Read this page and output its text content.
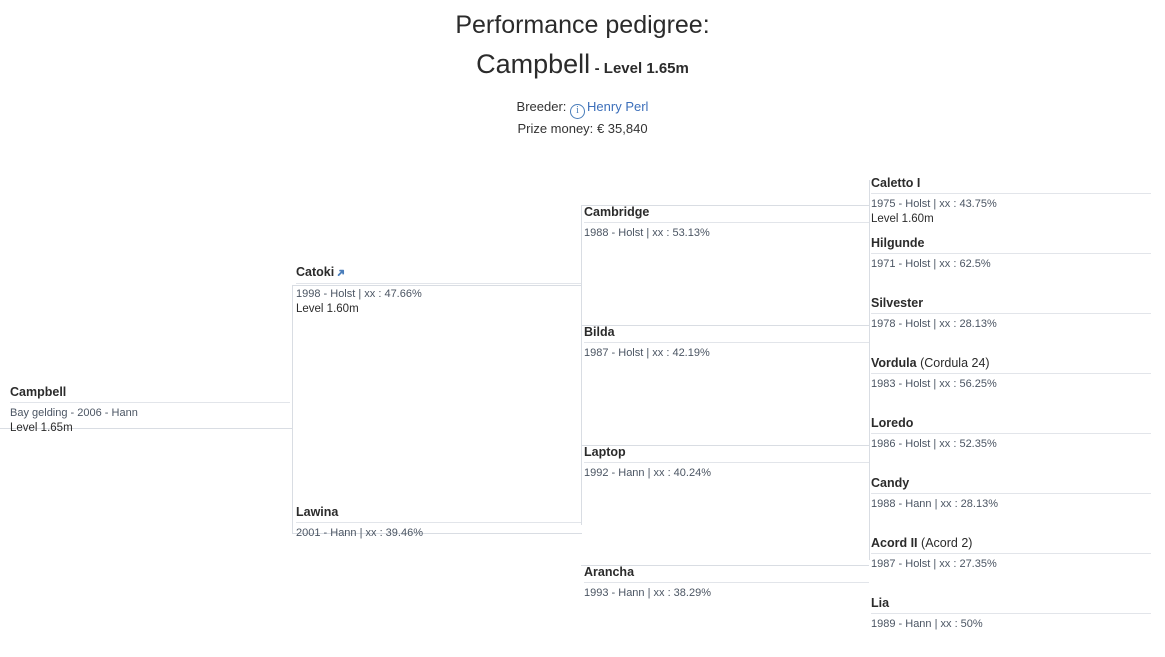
Performance pedigree:
Campbell - Level 1.65m
Breeder: i Henry Perl
Prize money: € 35,840
Campbell
Bay gelding - 2006 - Hann
Level 1.65m
Catoki➜
1998 - Holst | xx : 47.66%
Level 1.60m
Lawina
2001 - Hann | xx : 39.46%
Cambridge
1988 - Holst | xx : 53.13%
Bilda
1987 - Holst | xx : 42.19%
Laptop
1992 - Hann | xx : 40.24%
Arancha
1993 - Hann | xx : 38.29%
Caletto I
1975 - Holst | xx : 43.75%
Level 1.60m
Hilgunde
1971 - Holst | xx : 62.5%
Silvester
1978 - Holst | xx : 28.13%
Vordula (Cordula 24)
1983 - Holst | xx : 56.25%
Loredo
1986 - Holst | xx : 52.35%
Candy
1988 - Hann | xx : 28.13%
Acord II (Acord 2)
1987 - Holst | xx : 27.35%
Lia
1989 - Hann | xx : 50%
